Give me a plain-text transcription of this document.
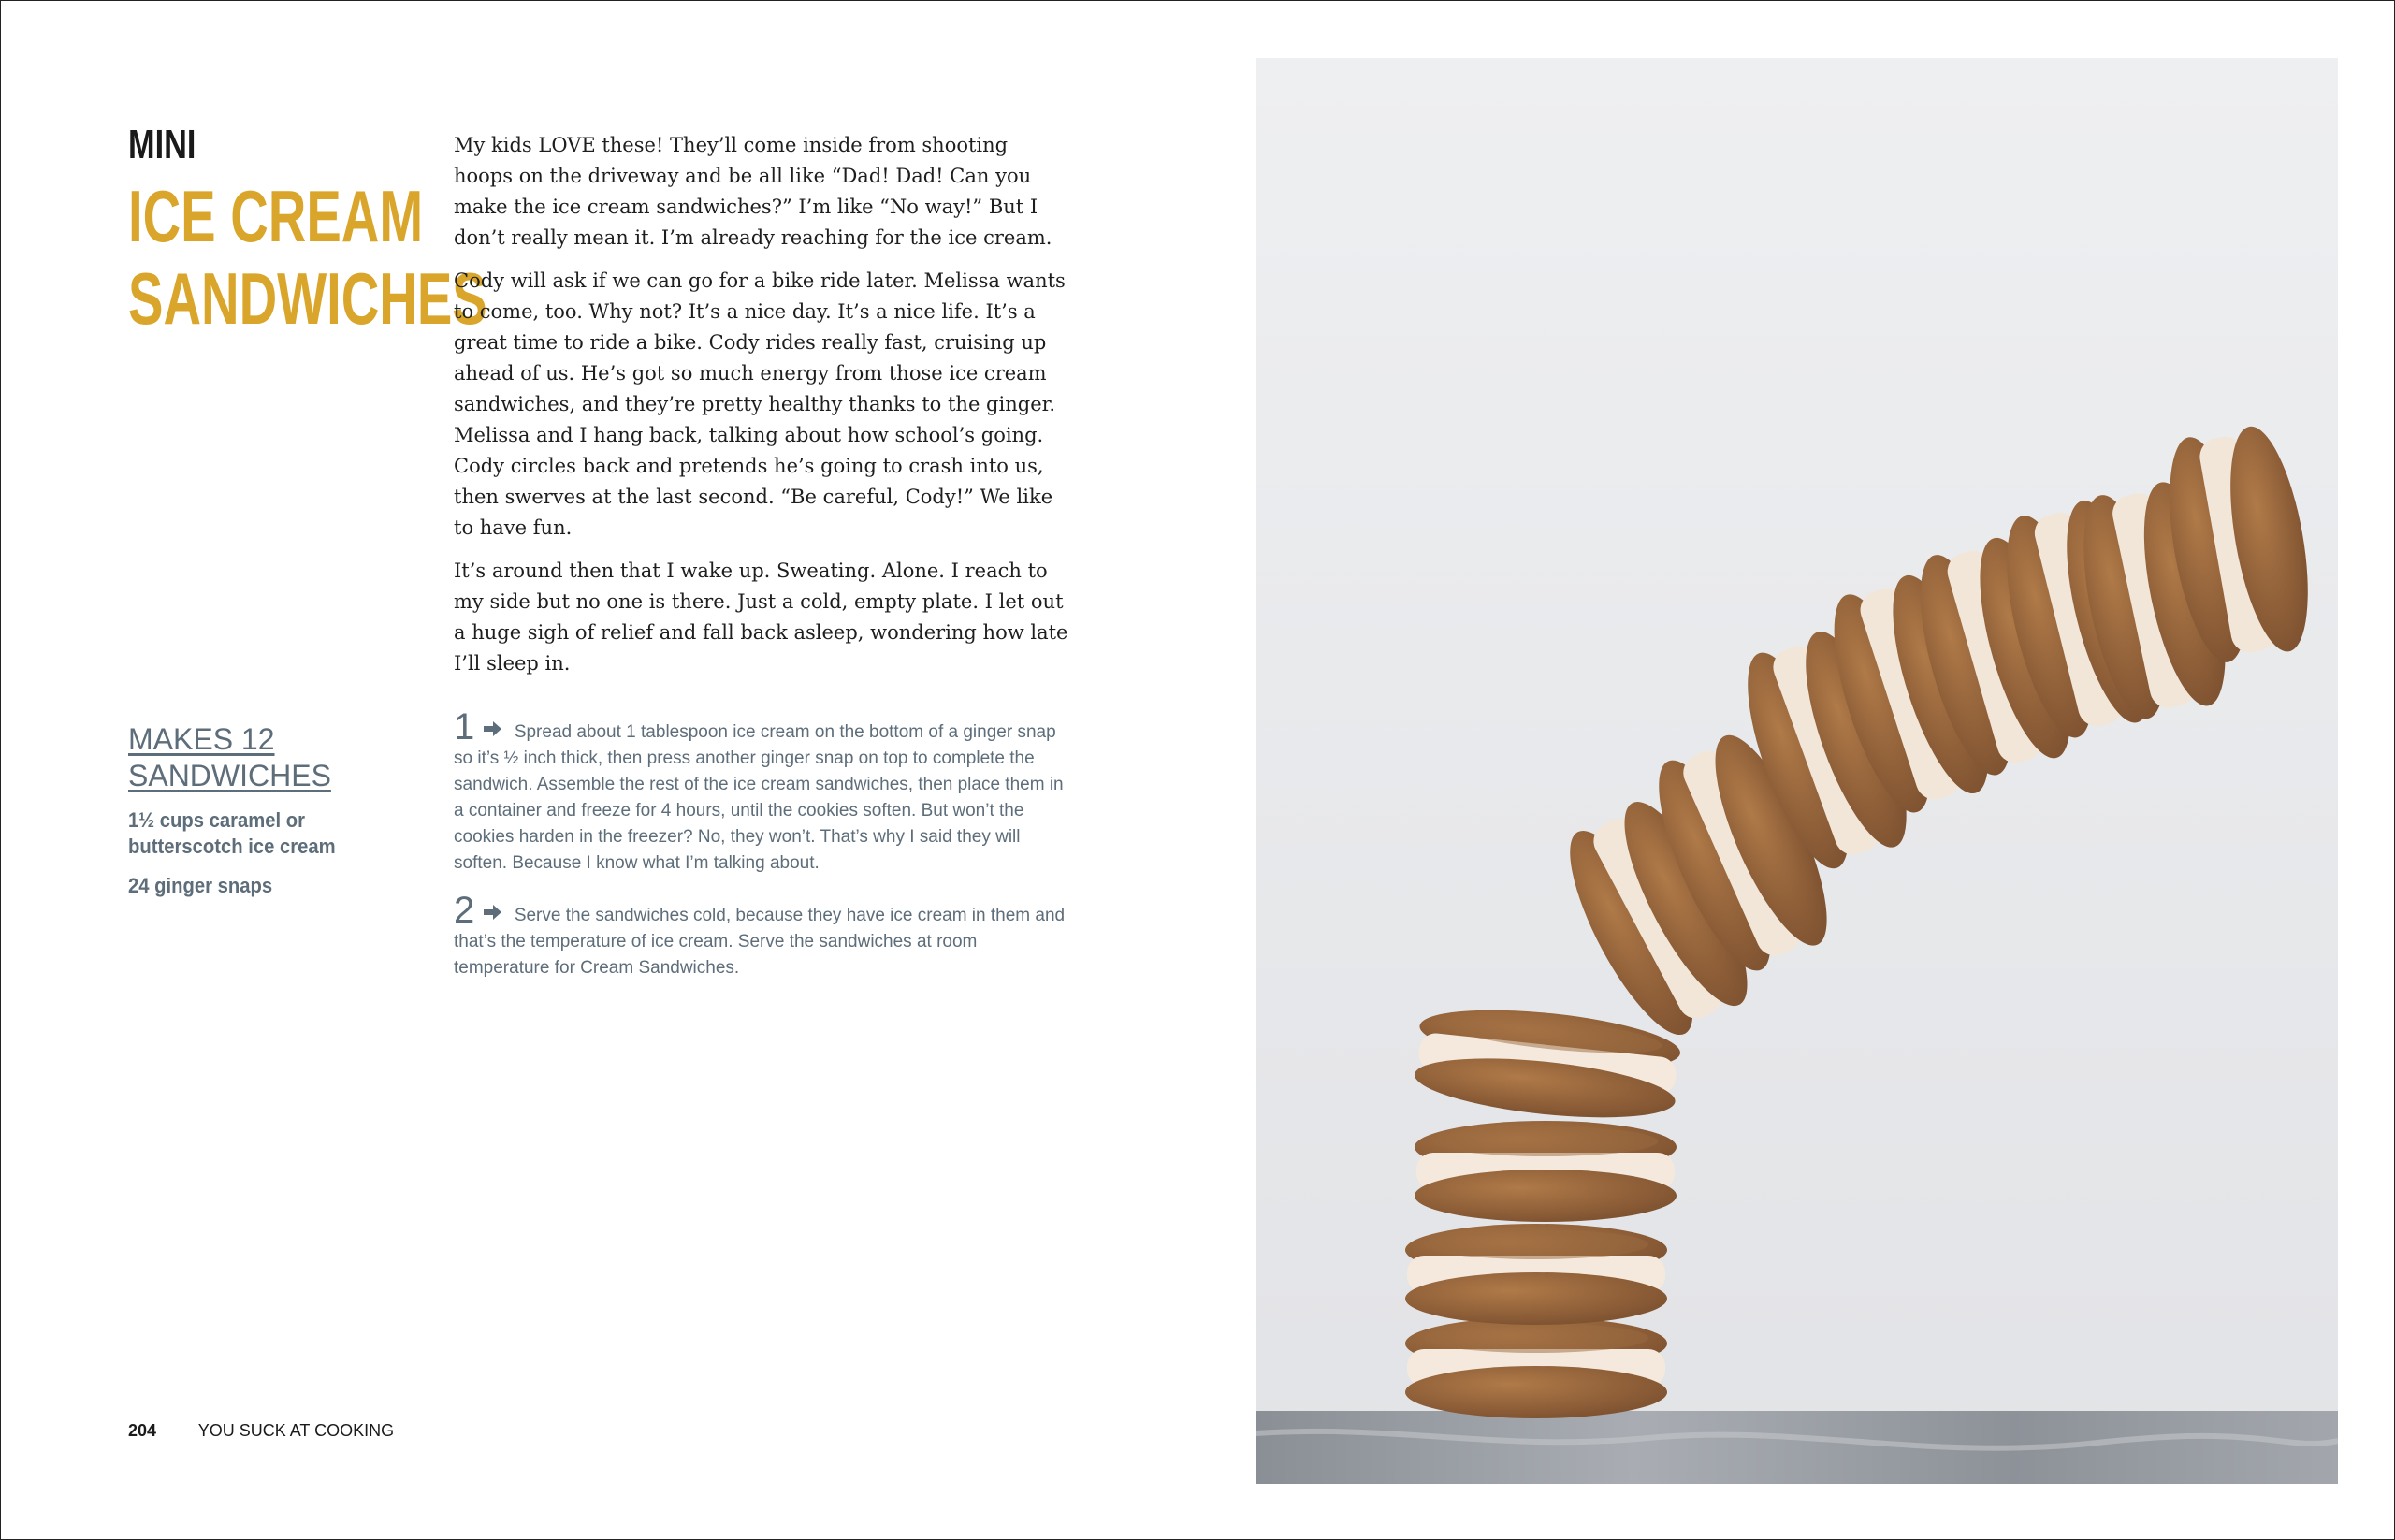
MINI
ICE CREAM
SANDWICHES

My kids LOVE these! They’ll come inside from shooting hoops on the driveway and be all like “Dad! Dad! Can you make the ice cream sandwiches?” I’m like “No way!” But I don’t really mean it. I’m already reaching for the ice cream.

Cody will ask if we can go for a bike ride later. Melissa wants to come, too. Why not? It’s a nice day. It’s a nice life. It’s a great time to ride a bike. Cody rides really fast, cruising up ahead of us. He’s got so much energy from those ice cream sandwiches, and they’re pretty healthy thanks to the ginger. Melissa and I hang back, talking about how school’s going. Cody circles back and pretends he’s going to crash into us, then swerves at the last second. “Be careful, Cody!” We like to have fun.

It’s around then that I wake up. Sweating. Alone. I reach to my side but no one is there. Just a cold, empty plate. I let out a huge sigh of relief and fall back asleep, wondering how late I’ll sleep in.

MAKES 12 SANDWICHES
1½ cups caramel or butterscotch ice cream
24 ginger snaps
1 Spread about 1 tablespoon ice cream on the bottom of a ginger snap so it’s ½ inch thick, then press another ginger snap on top to complete the sandwich. Assemble the rest of the ice cream sandwiches, then place them in a container and freeze for 4 hours, until the cookies soften. But won’t the cookies harden in the freezer? No, they won’t. That’s why I said they will soften. Because I know what I’m talking about.
2 Serve the sandwiches cold, because they have ice cream in them and that’s the temperature of ice cream. Serve the sandwiches at room temperature for Cream Sandwiches.
204 YOU SUCK AT COOKING
